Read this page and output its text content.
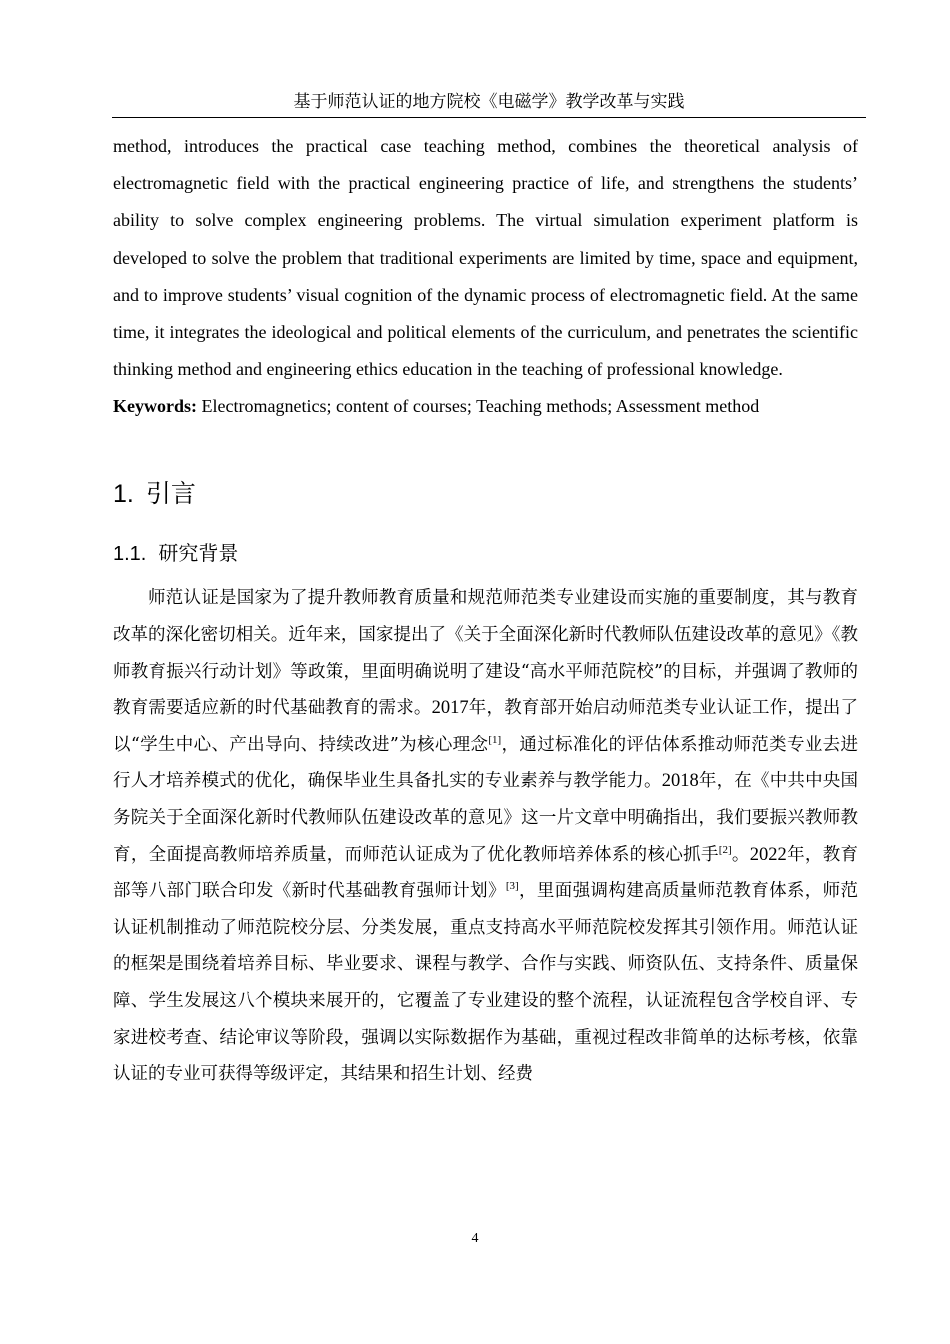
基于师范认证的地方院校《电磁学》教学改革与实践

method, introduces the practical case teaching method, combines the theoretical analysis of electromagnetic field with the practical engineering practice of life, and strengthens the students’ ability to solve complex engineering problems. The virtual simulation experiment platform is developed to solve the problem that traditional experiments are limited by time, space and equipment, and to improve students’ visual cognition of the dynamic process of electromagnetic field. At the same time, it integrates the ideological and political elements of the curriculum, and penetrates the scientific thinking method and engineering ethics education in the teaching of professional knowledge.

Keywords: Electromagnetics; content of courses; Teaching methods; Assessment method

1. 引言
1.1. 研究背景

师范认证是国家为了提升教师教育质量和规范师范类专业建设而实施的重要制度，其与教育改革的深化密切相关。近年来，国家提出了《关于全面深化新时代教师队伍建设改革的意见》《教师教育振兴行动计划》等政策，里面明确说明了建设“高水平师范院校”的目标，并强调了教师的教育需要适应新的时代基础教育的需求。2017年，教育部开始启动师范类专业认证工作，提出了以“学生中心、产出导向、持续改进”为核心理念[1]，通过标准化的评估体系推动师范类专业去进行人才培养模式的优化，确保毕业生具备扎实的专业素养与教学能力。2018年，在《中共中央国务院关于全面深化新时代教师队伍建设改革的意见》这一片文章中明确指出，我们要振兴教师教育，全面提高教师培养质量，而师范认证成为了优化教师培养体系的核心抓手[2]。2022年，教育部等八部门联合印发《新时代基础教育强师计划》[3]，里面强调构建高质量师范教育体系，师范认证机制推动了师范院校分层、分类发展，重点支持高水平师范院校发挥其引领作用。师范认证的框架是围绕着培养目标、毕业要求、课程与教学、合作与实践、师资队伍、支持条件、质量保障、学生发展这八个模块来展开的，它覆盖了专业建设的整个流程，认证流程包含学校自评、专家进校考查、结论审议等阶段，强调以实际数据作为基础，重视过程改非简单的达标考核，依靠认证的专业可获得等级评定，其结果和招生计划、经费

4
